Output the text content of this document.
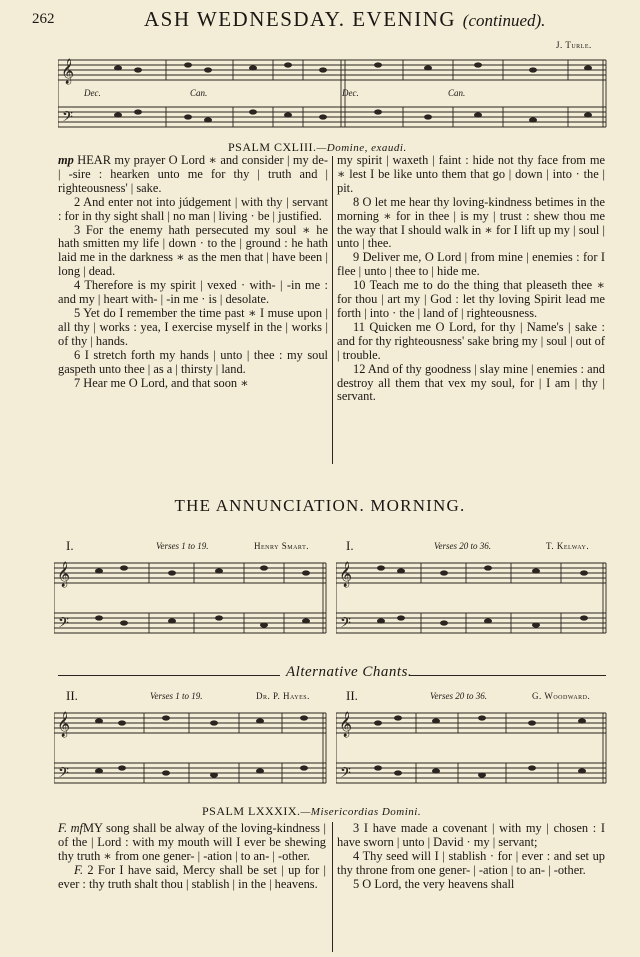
262	ASH WEDNESDAY. EVENING (continued).
J. Turle.
𝄞
𝄢
Dec.	Can.	Dec.	Can.
PSALM CXLIII.—Domine, exaudi.

mp HEAR my prayer O Lord ∗ and consider | my de- | -sire : hearken unto me for thy | truth and | righteousness' | sake.

2 And enter not into júdgement | with thy | servant : for in thy sight shall | no man | living · be | justified.

3 For the enemy hath persecuted my soul ∗ he hath smitten my life | down · to the | ground : he hath laid me in the darkness ∗ as the men that | have been | long | dead.

4 Therefore is my spirit | vexed · with- | -in me : and my | heart with- | -in me · is | desolate.

5 Yet do I remember the time past ∗ I muse upon | all thy | works : yea, I exercise myself in the | works | of thy | hands.

6 I stretch forth my hands | unto | thee : my soul gaspeth unto thee | as a | thirsty | land.

7 Hear me O Lord, and that soon ∗

my spirit | waxeth | faint : hide not thy face from me ∗ lest I be like unto them that go | down | into · the | pit.

8 O let me hear thy loving-kindness betimes in the morning ∗ for in thee | is my | trust : shew thou me the way that I should walk in ∗ for I lift up my | soul | unto | thee.

9 Deliver me, O Lord | from mine | enemies : for I flee | unto | thee to | hide me.

10 Teach me to do the thing that pleaseth thee ∗ for thou | art my | God : let thy loving Spirit lead me forth | into · the | land of | righteousness.

11 Quicken me O Lord, for thy | Name's | sake : and for thy righteousness' sake bring my | soul | out of | trouble.

12 And of thy goodness | slay mine | enemies : and destroy all them that vex my soul, for | I am | thy | servant.

THE ANNUNCIATION. MORNING.
I.	Verses 1 to 19.	Henry Smart.	I.	Verses 20 to 36.	T. Kelway.
𝄞
𝄢
𝄞
𝄢
Alternative Chants.
II.	Verses 1 to 19.	Dr. P. Hayes.	II.	Verses 20 to 36.	G. Woodward.
𝄞
𝄢
𝄞
𝄢
PSALM LXXXIX.—Misericordias Domini.

F. mfMY song shall be alway of the loving-kindness | of the | Lord : with my mouth will I ever be shewing thy truth ∗ from one gener- | -ation | to an- | -other.

F. 2 For I have said, Mercy shall be set | up for | ever : thy truth shalt thou | stablish | in the | heavens.

3 I have made a covenant | with my | chosen : I have sworn | unto | David · my | servant;

4 Thy seed will I | stablish · for | ever : and set up thy throne from one gener- | -ation | to an- | -other.

5 O Lord, the very heavens shall
